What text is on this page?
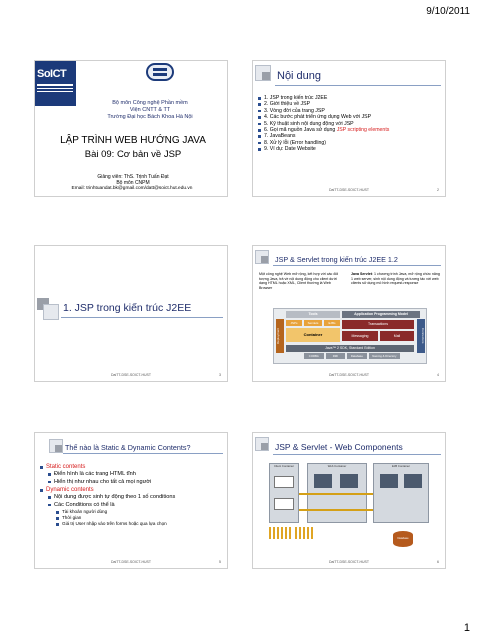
9/10/2011
SoICT
Bộ môn Công nghệ Phần mềm
Viện CNTT & TT
Trường Đại học Bách Khoa Hà Nội
LẬP TRÌNH WEB HƯỚNG JAVA
Bài 09: Cơ bản về JSP
Giảng viên: ThS. Trịnh Tuấn Đạt
Bộ môn CNPM
Email: trinhtuandat.bk@gmail.com/datt@soict.hut.edu.vn
Nội dung
1. JSP trong kiến trúc J2EE
2. Giới thiệu về JSP
3. Vòng đời của trang JSP
4. Các bước phát triển ứng dụng Web với JSP
5. Kỹ thuật sinh nội dung động với JSP
6. Gọi mã nguồn Java sử dụng JSP scripting elements
7. JavaBeans
8. Xử lý lỗi (Error handling)
9. Ví dụ: Date Website
DaiTT-DSE-SOICT-HUST	2
1. JSP trong kiến trúc J2EE
DaiTT-DSE-SOICT-HUST	3
JSP & Servlet trong kiến trúc J2EE 1.2
Một công nghệ Web mở rộng, kết hợp với các đối tượng Java, trả về nội dung động cho client dưới dạng HTML hoặc XML, Client thường là Web Browser
Java Servlet: 1 chương trình Java, mở rộng chức năng 1 web server, sinh nội dung động và tương tác với web clients sử dụng mô hình request-response
Tools	Application Programming Model
Deployment
JSPs	Servlets	EJBs	Transactions
Container	Messaging	Mail	Connectors
Java™ 2 SDK, Standard Edition
CORBA	RMI	Database	Naming & Directory
DaiTT-DSE-SOICT-HUST	4
Thế nào là Static & Dynamic Contents?
Static contents
Điển hình là các trang HTML tĩnh
Hiển thị như nhau cho tất cả mọi người
Dynamic contents
Nội dung được sinh tự động theo 1 số conditions
Các Conditions có thể là
Tài khoản người dùng
Thời gian
Giá trị User nhập vào trên forms hoặc qua lựa chọn
DaiTT-DSE-SOICT-HUST	5
JSP & Servlet - Web Components
Client Container	Web Container	EJB Container
Database
DaiTT-DSE-SOICT-HUST	6
1
